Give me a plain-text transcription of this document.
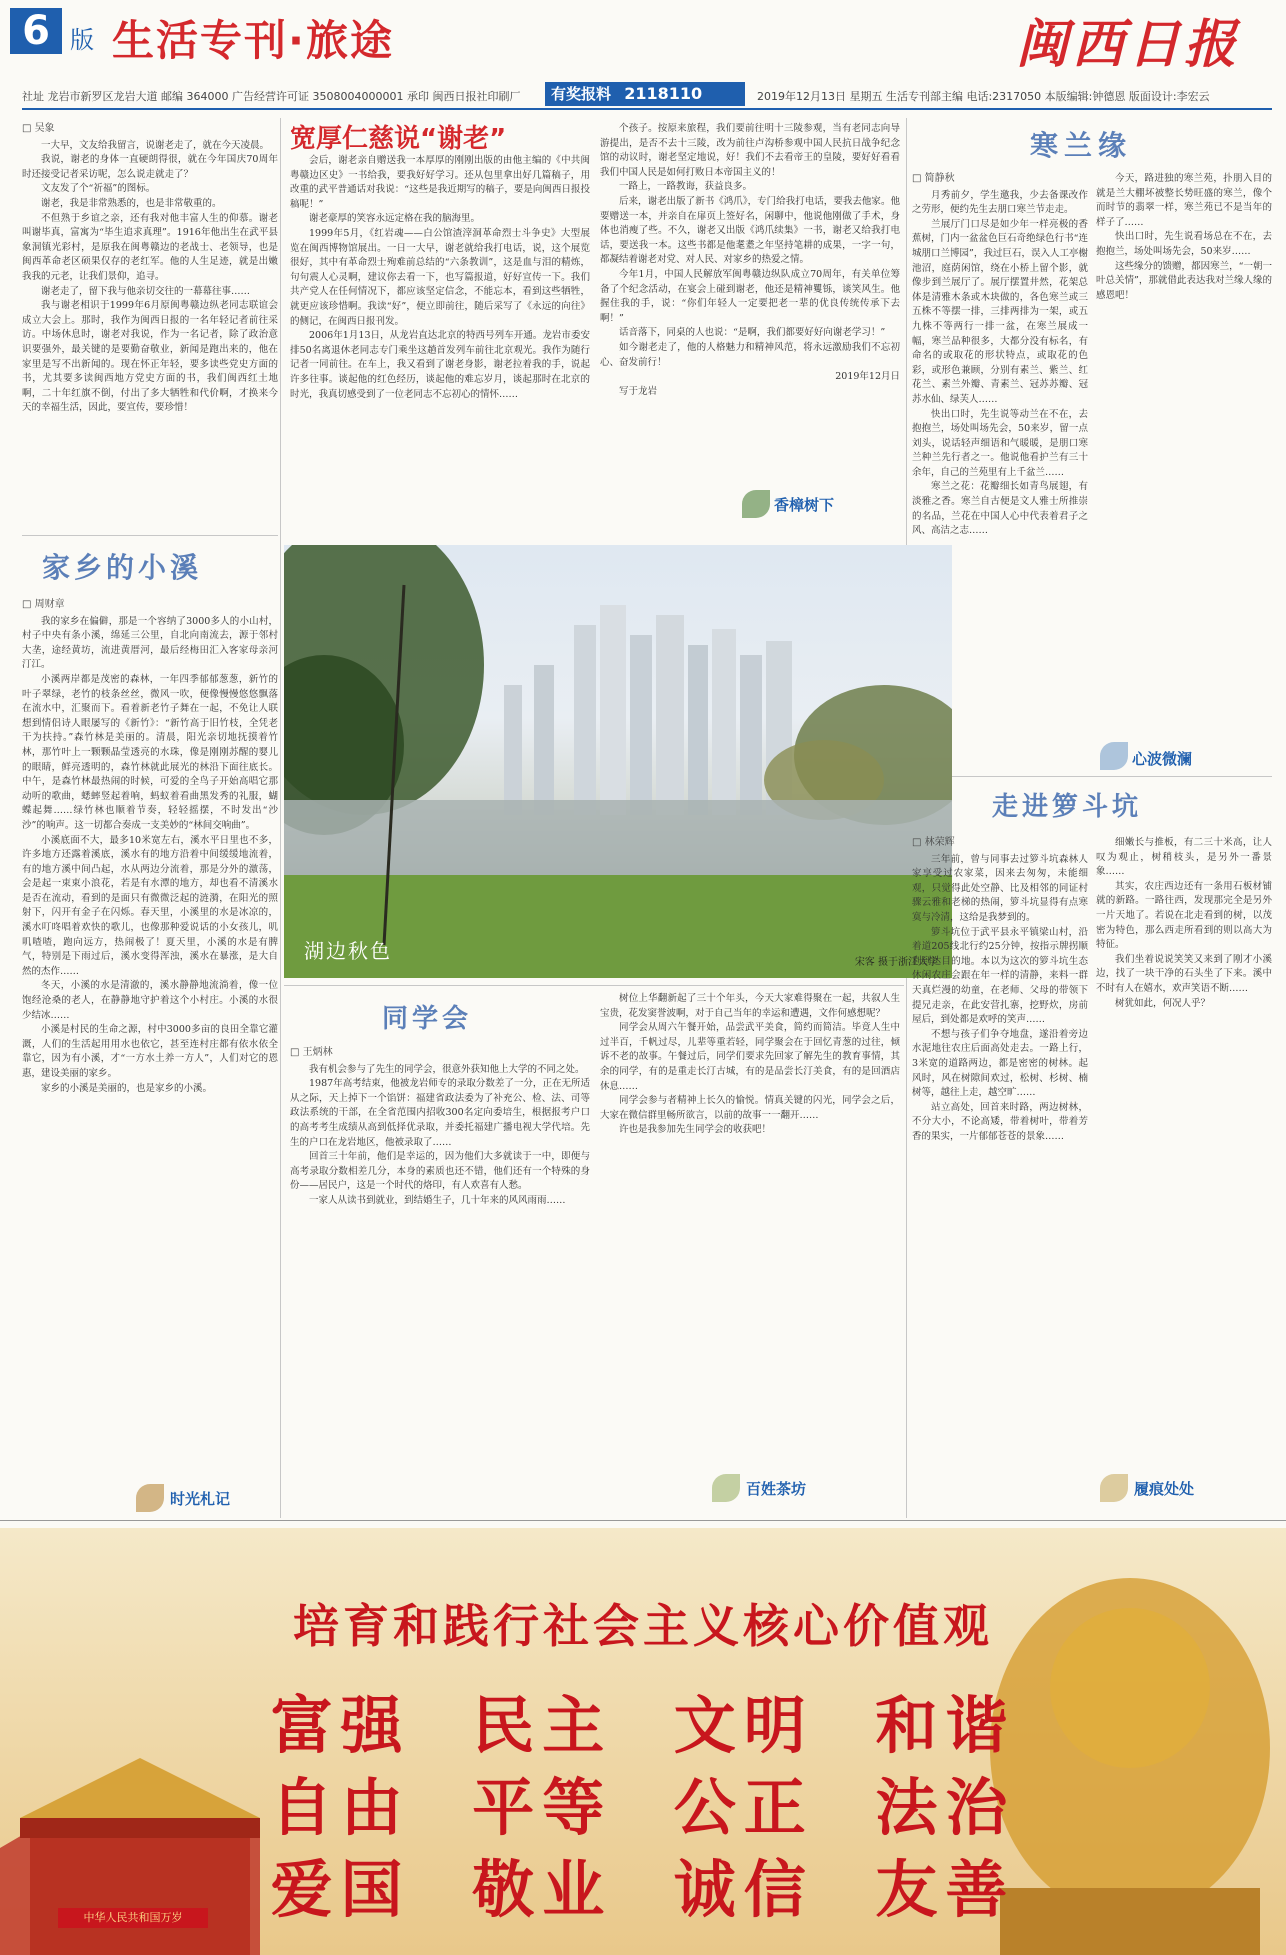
6 版 生活专刊·旅途	闽西日报
社址 龙岩市新罗区龙岩大道 邮编 364000 广告经营许可证 3508004000001 承印 闽西日报社印刷厂	有奖报料 2118110	2019年12月13日 星期五 生活专刊部主编 电话:2317050 本版编辑:钟德恩 版面设计:李宏云
□ 吴象

一大早，文友给我留言，说谢老走了，就在今天凌晨。

我说，谢老的身体一直硬朗得很，就在今年国庆70周年时还接受记者采访呢，怎么说走就走了？

文友发了个“祈福”的图标。

谢老，我是非常熟悉的，也是非常敬重的。

不但熟于乡谊之亲，还有我对他丰富人生的仰慕。谢老叫谢毕真，富寓为“毕生追求真理”。1916年他出生在武平县象洞镇光彩村，是原我在闽粤赣边的老战士、老领导，也是闽西革命老区硕果仅存的老红军。他的人生足迹，就是出嫩我我的元老，让我们景仰，追寻。

谢老走了，留下我与他亲切交往的一幕幕往事……

我与谢老相识于1999年6月原闽粤赣边纵老同志联谊会成立大会上。那时，我作为闽西日报的一名年轻记者前往采访。中场休息时，谢老对我说，作为一名记者，除了政治意识要强外，最关键的是要勤奋敬业，新闻是跑出来的，他在家里是写不出新闻的。现在怀正年轻，要多读些党史方面的书，尤其要多读闽西地方党史方面的书，我们闽西红土地啊，二十年红旗不倒，付出了多大牺牲和代价啊，才换来今天的幸福生活，因此，要宣传，要珍惜！

宽厚仁慈说“谢老”

会后，谢老亲自赠送我一本厚厚的刚刚出版的由他主编的《中共闽粤赣边区史》一书给我，要我好好学习。还从包里拿出好几篇稿子，用改重的武平普通话对我说：“这些是我近期写的稿子，要是向闽西日报投稿呢！”

谢老豪厚的笑容永远定格在我的脑海里。

1999年5月，《红岩魂——白公馆渣滓洞革命烈士斗争史》大型展览在闽西博物馆展出。一日一大早，谢老就给我打电话，说，这个展览很好，其中有革命烈士殉难前总结的“六条教训”，这是血与泪的精炼，句句震人心灵啊，建议你去看一下，也写篇报道，好好宣传一下。我们共产党人在任何情况下，都应该坚定信念，不能忘本，看到这些牺牲，就更应该珍惜啊。我读“好”，便立即前往，随后采写了《永远的向往》的侧记，在闽西日报刊发。

2006年1月13日，从龙岩直达北京的特西号列车开通。龙岩市委安排50名离退休老同志专门乘坐这趟首发列车前往北京观光。我作为随行记者一同前往。在车上，我又看到了谢老身影，谢老拉着我的手，说起许多往事。谈起他的红色经历，谈起他的难忘岁月，谈起那时在北京的时光，我真切感受到了一位老同志不忘初心的情怀……

个孩子。按原来旅程，我们要前往明十三陵参观，当有老同志向导游提出，是否不去十三陵，改为前往卢沟桥参观中国人民抗日战争纪念馆的动议时，谢老坚定地说，好！我们不去看帝王的皇陵，要好好看看我们中国人民是如何打败日本帝国主义的！

一路上，一路教诲，获益良多。

后来，谢老出版了新书《鸿爪》，专门给我打电话，要我去他家。他要赠送一本，并亲自在扉页上签好名，闲聊中，他说他刚做了手术，身体也消瘦了些。不久，谢老又出版《鸿爪续集》一书，谢老又给我打电话，要送我一本。这些书都是他耄耋之年坚持笔耕的成果，一字一句，都凝结着谢老对党、对人民、对家乡的热爱之情。

今年1月，中国人民解放军闽粤赣边纵队成立70周年，有关单位筹备了个纪念活动，在宴会上碰到谢老，他还是精神矍铄，谈笑风生。他握住我的手，说：“你们年轻人一定要把老一辈的优良传统传承下去啊！”

话音落下，同桌的人也说：“是啊，我们都要好好向谢老学习！”

如今谢老走了，他的人格魅力和精神风范，将永远激励我们不忘初心、奋发前行！

2019年12月日

写于龙岩

香樟树下
寒兰缘
□ 简静秋

月秀前夕，学生邀我，少去备课改作之劳形，便约先生去朋口寒兰节走走。

兰展厅门口尽是如少年一样亮极的香蕉树，门内一盆盆色巨石奇绝绿色行书“连城朋口兰博园”，我过巨石，误入人工亭榭池沼，庭荫闲馆，绕在小桥上留个影，就像步到兰展厅了。展厅摆置井然，花架总体是清雅木条或木块做的，各色寒兰或三五株不等摆一排，三排两排为一架，或五九株不等两行一排一盆，在寒兰展成一幅，寒兰品种很多，大都分没有标名，有命名的或取花的形状特点，或取花的色彩，或形色兼顾，分别有素兰、紫兰、红花兰、素兰外瓣、青素兰、冠苏苏瓣、冠苏水仙、绿芙人……

快出口时，先生说等动兰在不在，去抱抱兰，场处叫场先会，50来岁，留一点刘头，说话轻声细语和气暖暖，是朋口寒兰种兰先行者之一。他说他看护兰有三十余年，自己的兰苑里有上千盆兰……

寒兰之花：花瓣细长如青鸟展翅，有淡雅之香。寒兰自古便是文人雅士所推崇的名品，兰花在中国人心中代表着君子之风、高洁之志……

今天，路进独的寒兰苑，扑朋入目的就是兰大棚坏被整长势旺盛的寒兰，像个而时节的翡翠一样，寒兰苑已不是当年的样子了……

快出口时，先生说看场总在不在，去抱抱兰，场处叫场先会，50来岁……

这些缘分的馈赠，都因寒兰，“一朝一叶总关情”，那就借此表达我对兰缘人缘的感恩吧！

心波微澜
家乡的小溪
□ 周财章

我的家乡在偏僻，那是一个容纳了3000多人的小山村，村子中央有条小溪，绵延三公里，自北向南流去，源于邻村大垄，途经黄坊，流进黄厝河，最后经梅田汇入客家母亲河汀江。

小溪两岸都是茂密的森林，一年四季郁郁葱葱，新竹的叶子翠绿，老竹的枝条丝丝，微风一吹，便像慢慢悠悠飘落在流水中，汇聚而下。看着新老竹子舞在一起，不免让人联想到情侣诗人眼屡写的《新竹》：“新竹高于旧竹枝，全凭老干为扶持。”森竹林是美丽的。清晨，阳光亲切地抚摸着竹林，那竹叶上一颗颗晶莹透亮的水珠，像是刚刚苏醒的婴儿的眼睛，鲜亮透明的，森竹林就此展光的林沿下面往底长。中午，是森竹林最热闹的时候，可爱的全鸟子开始高唱它那动听的歌曲，蟋蟀竖起着响，蚂蚁着看曲黑发秀的礼服，蝴蝶起舞……绿竹林也顺着节奏，轻轻摇摆，不时发出“沙沙”的响声。这一切都合奏成一支美妙的“林间交响曲”。

小溪底面不大，最多10米宽左右，溪水平日里也不多，许多地方还露着溪底，溪水有的地方沿着中间缓缓地流着，有的地方溪中间凸起，水从两边分流着，那是分外的激荡，会是起一束束小浪花，若是有水潭的地方，却也看不清溪水是否在流动，看到的是面只有微微泛起的涟漪，在阳光的照射下，闪开有金子在闪烁。春天里，小溪里的水是冰凉的，溪水叮咚唱着欢快的歌儿，也像那种爱说话的小女孩儿，叽叽喳喳，跑向远方，热闹极了！夏天里，小溪的水是有脾气，特别是下雨过后，溪水变得浑浊，溪水在暴涨，是大自然的杰作……

冬天，小溪的水是清澈的，溪水静静地流淌着，像一位饱经沧桑的老人，在静静地守护着这个小村庄。小溪的水很少结冰……

小溪是村民的生命之源，村中3000多亩的良田全靠它灌溉，人们的生活起用用水也依它，甚至连村庄都有依水依全靠它，因为有小溪，才“一方水土养一方人”，人们对它的恩惠，建设美丽的家乡。

家乡的小溪是美丽的，也是家乡的小溪。

时光札记
湖边秋色	宋客 摄于浙江大学
同学会
□ 王炳林

我有机会参与了先生的同学会，很意外获知他上大学的不同之处。

1987年高考结束，他被龙岩师专的录取分数差了一分，正在无所适从之际，天上掉下一个馅饼：福建省政法委为了补充公、检、法、司等政法系统的干部，在全省范围内招收300名定向委培生，根据报考户口的高考考生成绩从高到低择优录取，并委托福建广播电视大学代培。先生的户口在龙岩地区，他被录取了……

回首三十年前，他们是幸运的，因为他们大多就读于一中，即便与高考录取分数相差几分，本身的素质也还不错，他们还有一个特殊的身份——居民户，这是一个时代的烙印，有人欢喜有人愁。

一家人从读书到就业，到结婚生子，几十年来的风风雨雨……

树位上华翻新起了三十个年头，今天大家难得聚在一起，共叙人生宝贵，花发窦誉波啊，对于自己当年的幸运和遭遇，文作何感想呢？

同学会从周六午餐开始，品尝武平美食，简约而简洁。毕竟人生中过半百，千帆过尽，儿辈等重若轻，同学聚会在于回忆青葱的过往，倾诉不老的故事。午餐过后，同学们要求先回家了解先生的教育事情，其余的同学，有的是重走长汀古城，有的是品尝长汀美食，有的是回酒店休息……

同学会参与者精神上长久的愉悦。情真关键的闪光，同学会之后，大家在微信群里畅所欲言，以前的故事一一翻开……

许也是我参加先生同学会的收获吧！

百姓茶坊
走进箩斗坑
□ 林荣辉

三年前，曾与同事去过箩斗坑森林人家享受过农家菜，因来去匆匆，未能细观，只觉得此处空静、比及相邻的同证村骤云雅和老梯的热闹，箩斗坑显得有点寒寞与冷清，这给是我梦到的。

箩斗坑位于武平县永平镇梁山村，沿着道205线北行约25分钟，按指示牌拐顺利到达目的地。本以为这次的箩斗坑生态休闲农庄会跟在年一样的清静，来料一群天真烂漫的幼童，在老师、父母的带领下提兄走亲，在此安营扎寨，挖野炊，房前屋后，到处都是欢呼的笑声……

不想与孩子们争夺地盘，遂沿着旁边水泥地往农庄后面高处走去。一路上行，3米宽的道路两边，都是密密的树林。起风时，风在树隙间欢过，松树、杉树、楠树等，越往上走，越空旷……

站立高处，回首来时路，两边树林，不分大小，不论高矮，带着树叶，带着芳香的果实，一片郁郁苍苍的景象……

细嫩长与推板，有二三十米高，让人叹为观止，树稍枝头，是另外一番景象……

其实，农庄西边还有一条用石板材铺就的新路。一路往西，发现那完全是另外一片天地了。若说在北走看到的树，以茂密为特色，那么西走所看到的则以高大为特征。

我们坐着说说笑笑又来到了刚才小溪边，找了一块干净的石头坐了下来。溪中不时有人在嬉水，欢声笑语不断……

树犹如此，何况人乎？

履痕处处
中华人民共和国万岁
培育和践行社会主义核心价值观
富强 民主 文明 和谐
自由 平等 公正 法治
爱国 敬业 诚信 友善
